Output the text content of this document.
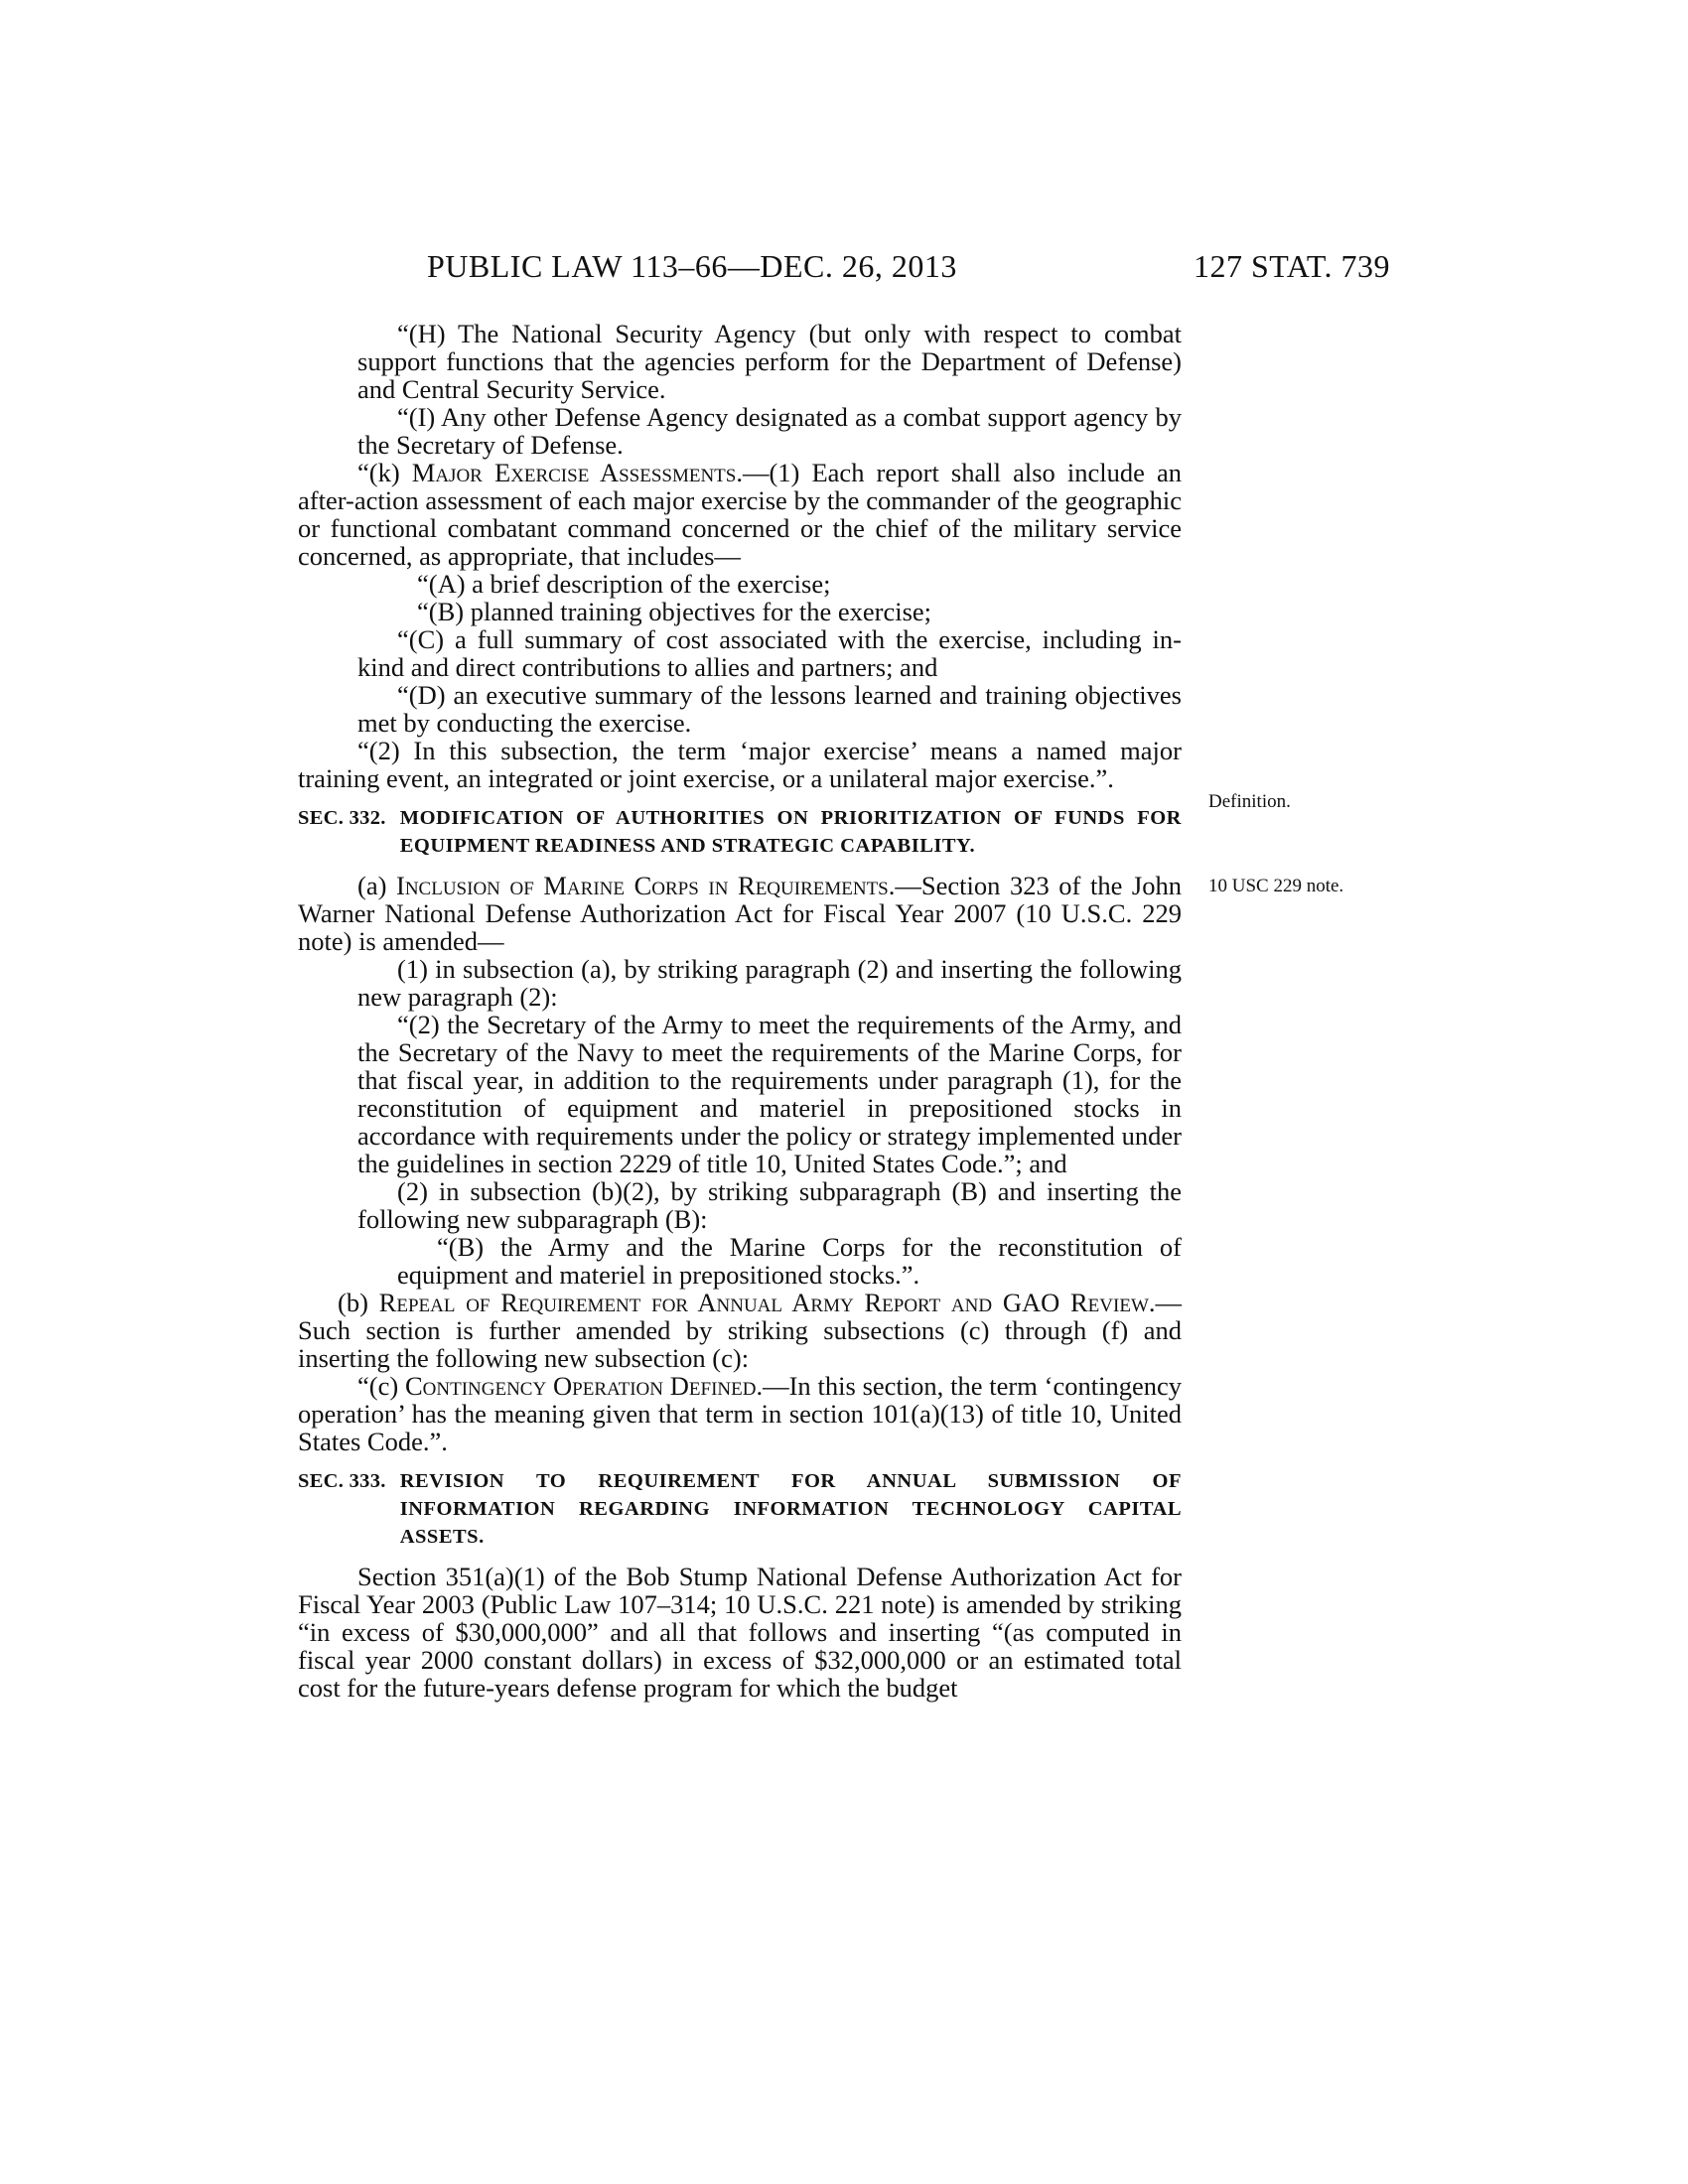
PUBLIC LAW 113–66—DEC. 26, 2013	127 STAT. 739

“(H) The National Security Agency (but only with respect to combat support functions that the agencies perform for the Department of Defense) and Central Security Service.

“(I) Any other Defense Agency designated as a combat support agency by the Secretary of Defense.

“(k) Major Exercise Assessments.—(1) Each report shall also include an after-action assessment of each major exercise by the commander of the geographic or functional combatant command concerned or the chief of the military service concerned, as appropriate, that includes—

“(A) a brief description of the exercise;

“(B) planned training objectives for the exercise;

“(C) a full summary of cost associated with the exercise, including in-kind and direct contributions to allies and partners; and

“(D) an executive summary of the lessons learned and training objectives met by conducting the exercise.

“(2) In this subsection, the term ‘major exercise’ means a named major training event, an integrated or joint exercise, or a unilateral major exercise.”.

SEC. 332. MODIFICATION OF AUTHORITIES ON PRIORITIZATION OF FUNDS FOR EQUIPMENT READINESS AND STRATEGIC CAPABILITY.

(a) Inclusion of Marine Corps in Requirements.—Section 323 of the John Warner National Defense Authorization Act for Fiscal Year 2007 (10 U.S.C. 229 note) is amended—

(1) in subsection (a), by striking paragraph (2) and inserting the following new paragraph (2):

“(2) the Secretary of the Army to meet the requirements of the Army, and the Secretary of the Navy to meet the requirements of the Marine Corps, for that fiscal year, in addition to the requirements under paragraph (1), for the reconstitution of equipment and materiel in prepositioned stocks in accordance with requirements under the policy or strategy implemented under the guidelines in section 2229 of title 10, United States Code.”; and

(2) in subsection (b)(2), by striking subparagraph (B) and inserting the following new subparagraph (B):

“(B) the Army and the Marine Corps for the reconstitution of equipment and materiel in prepositioned stocks.”.

(b) Repeal of Requirement for Annual Army Report and GAO Review.—Such section is further amended by striking subsections (c) through (f) and inserting the following new subsection (c):

“(c) Contingency Operation Defined.—In this section, the term ‘contingency operation’ has the meaning given that term in section 101(a)(13) of title 10, United States Code.”.

SEC. 333. REVISION TO REQUIREMENT FOR ANNUAL SUBMISSION OF INFORMATION REGARDING INFORMATION TECHNOLOGY CAPITAL ASSETS.

Section 351(a)(1) of the Bob Stump National Defense Authorization Act for Fiscal Year 2003 (Public Law 107–314; 10 U.S.C. 221 note) is amended by striking “in excess of $30,000,000” and all that follows and inserting “(as computed in fiscal year 2000 constant dollars) in excess of $32,000,000 or an estimated total cost for the future-years defense program for which the budget

Definition.
10 USC 229 note.
